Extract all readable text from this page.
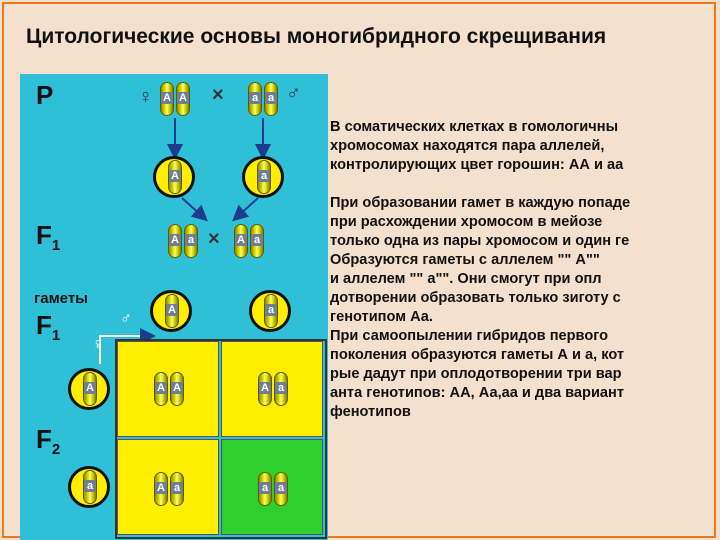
Цитологические основы моногибридного скрещивания
P
$F_1$
гаметы
$F_1$
$F_2$
♀ A A ×	a a ♂
A	a
A a × A a
A	a
♂
♀
A
a
A A	A a
A a	a a

В соматических клетках в гомологичны

хромосомах находятся пара аллелей,

контролирующих цвет горошин: АА и аа

При образовании гамет в каждую попаде

при расхождении хромосом в мейозе

только одна из пары хромосом и один ге

Образуются гаметы с аллелем "" А""

и аллелем "" а"". Они смогут при опл

дотворении образовать только зиготу с

генотипом Аа.

При самоопылении гибридов первого

поколения образуются гаметы А и а, кот

рые дадут при оплодотворении три вар

анта генотипов: АА, Аа,аа и два вариант

фенотипов
